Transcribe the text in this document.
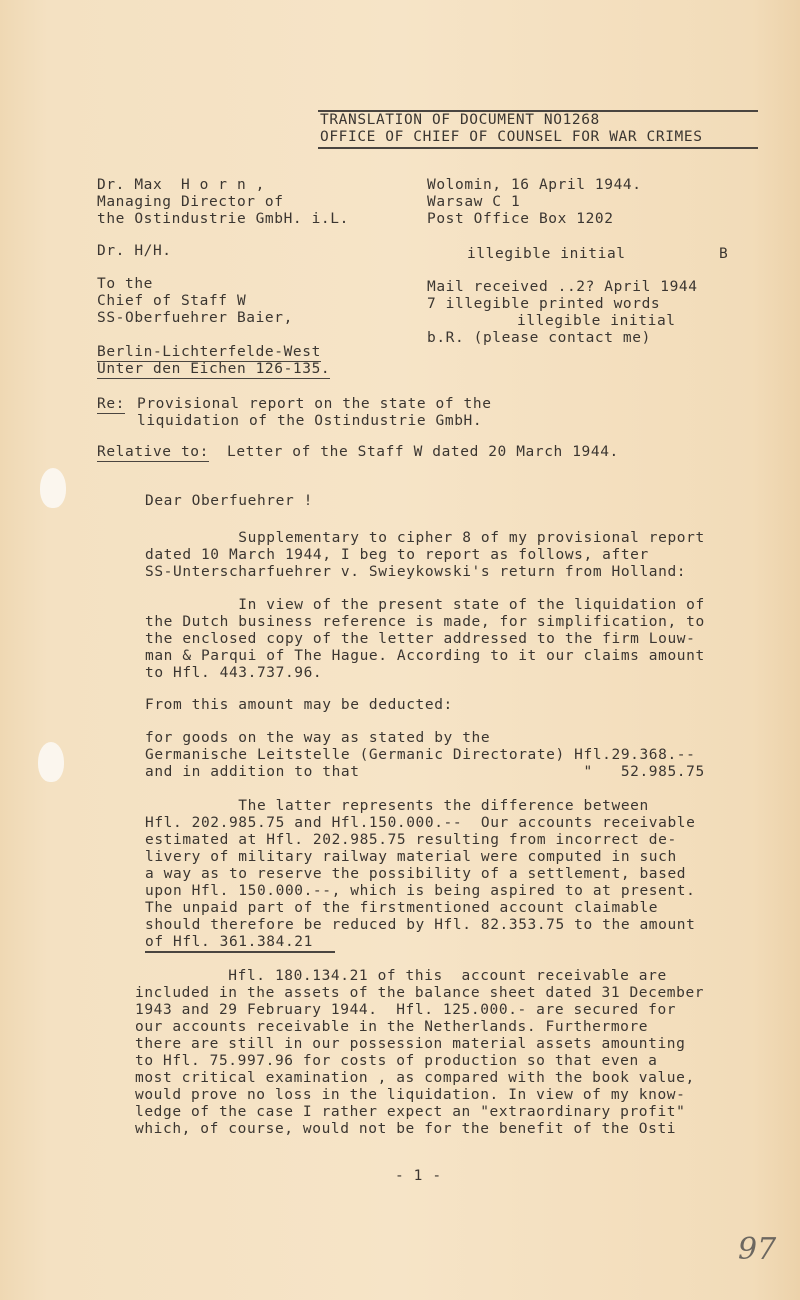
TRANSLATION OF DOCUMENT NO1268
OFFICE OF CHIEF OF COUNSEL FOR WAR CRIMES
Dr. Max  H o r n ,
Managing Director of
the Ostindustrie GmbH. i.L.
Dr. H/H.
Wolomin, 16 April 1944.
Warsaw C 1
Post Office Box 1202
illegible initial	B
To the
Chief of Staff W
SS-Oberfuehrer Baier,
Berlin-Lichterfelde-West
Unter den Eichen 126-135.
Mail received ..2? April 1944
7 illegible printed words
illegible initial
b.R. (please contact me)
Re: Provisional report on the state of the
liquidation of the Ostindustrie GmbH.
Relative to: Letter of the Staff W dated 20 March 1944.
Dear Oberfuehrer !
Supplementary to cipher 8 of my provisional report
dated 10 March 1944, I beg to report as follows, after
SS-Unterscharfuehrer v. Swieykowski's return from Holland:
In view of the present state of the liquidation of
the Dutch business reference is made, for simplification, to
the enclosed copy of the letter addressed to the firm Louw-
man & Parqui of The Hague. According to it our claims amount
to Hfl. 443.737.96.
From this amount may be deducted:
for goods on the way as stated by the
Germanische Leitstelle (Germanic Directorate) Hfl.29.368.--
and in addition to that                        "   52.985.75
The latter represents the difference between
Hfl. 202.985.75 and Hfl.150.000.--  Our accounts receivable
estimated at Hfl. 202.985.75 resulting from incorrect de-
livery of military railway material were computed in such
a way as to reserve the possibility of a settlement, based
upon Hfl. 150.000.--, which is being aspired to at present.
The unpaid part of the firstmentioned account claimable
should therefore be reduced by Hfl. 82.353.75 to the amount
of Hfl. 361.384.21
Hfl. 180.134.21 of this  account receivable are
included in the assets of the balance sheet dated 31 December
1943 and 29 February 1944.  Hfl. 125.000.- are secured for
our accounts receivable in the Netherlands. Furthermore
there are still in our possession material assets amounting
to Hfl. 75.997.96 for costs of production so that even a
most critical examination , as compared with the book value,
would prove no loss in the liquidation. In view of my know-
ledge of the case I rather expect an "extraordinary profit"
which, of course, would not be for the benefit of the Osti
- 1 -
97
